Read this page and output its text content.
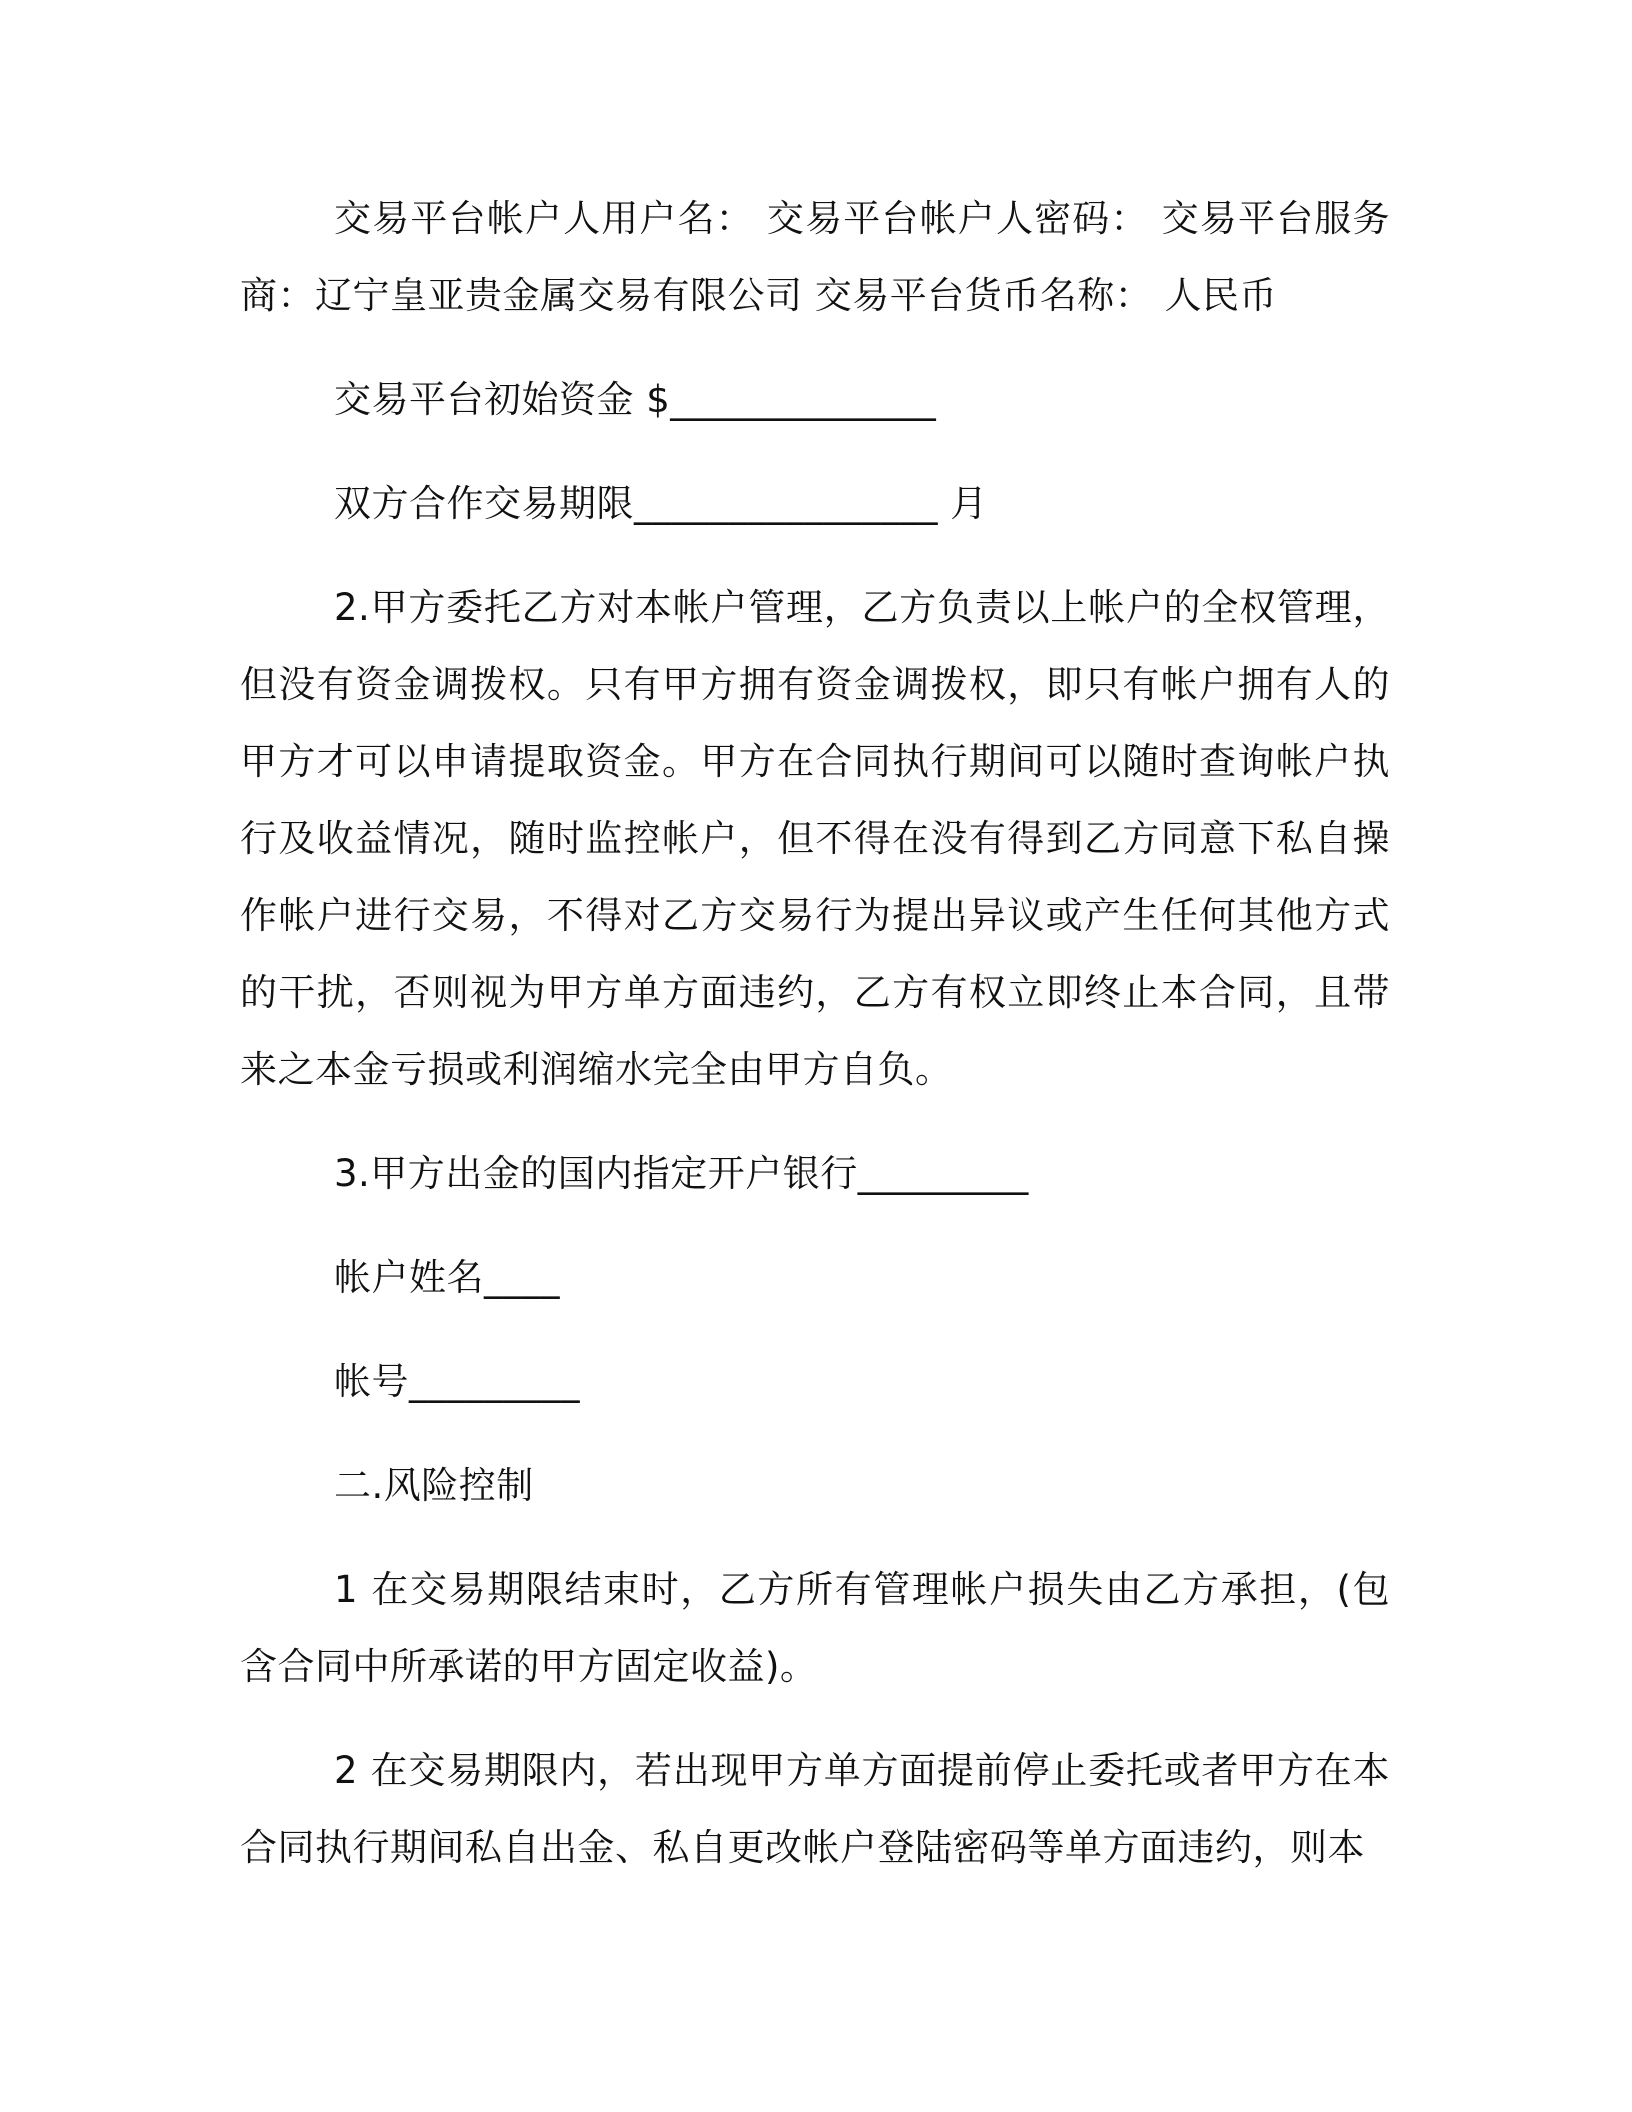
交易平台帐户人用户名： 交易平台帐户人密码： 交易平台服务商：辽宁皇亚贵金属交易有限公司 交易平台货币名称： 人民币

交易平台初始资金 $______________

双方合作交易期限________________ 月

2.甲方委托乙方对本帐户管理，乙方负责以上帐户的全权管理，但没有资金调拨权。只有甲方拥有资金调拨权，即只有帐户拥有人的甲方才可以申请提取资金。甲方在合同执行期间可以随时查询帐户执行及收益情况，随时监控帐户，但不得在没有得到乙方同意下私自操作帐户进行交易，不得对乙方交易行为提出异议或产生任何其他方式的干扰，否则视为甲方单方面违约，乙方有权立即终止本合同，且带来之本金亏损或利润缩水完全由甲方自负。

3.甲方出金的国内指定开户银行_________

帐户姓名____

帐号_________

二.风险控制

1 在交易期限结束时，乙方所有管理帐户损失由乙方承担，(包含合同中所承诺的甲方固定收益)。

2 在交易期限内，若出现甲方单方面提前停止委托或者甲方在本合同执行期间私自出金、私自更改帐户登陆密码等单方面违约，则本
